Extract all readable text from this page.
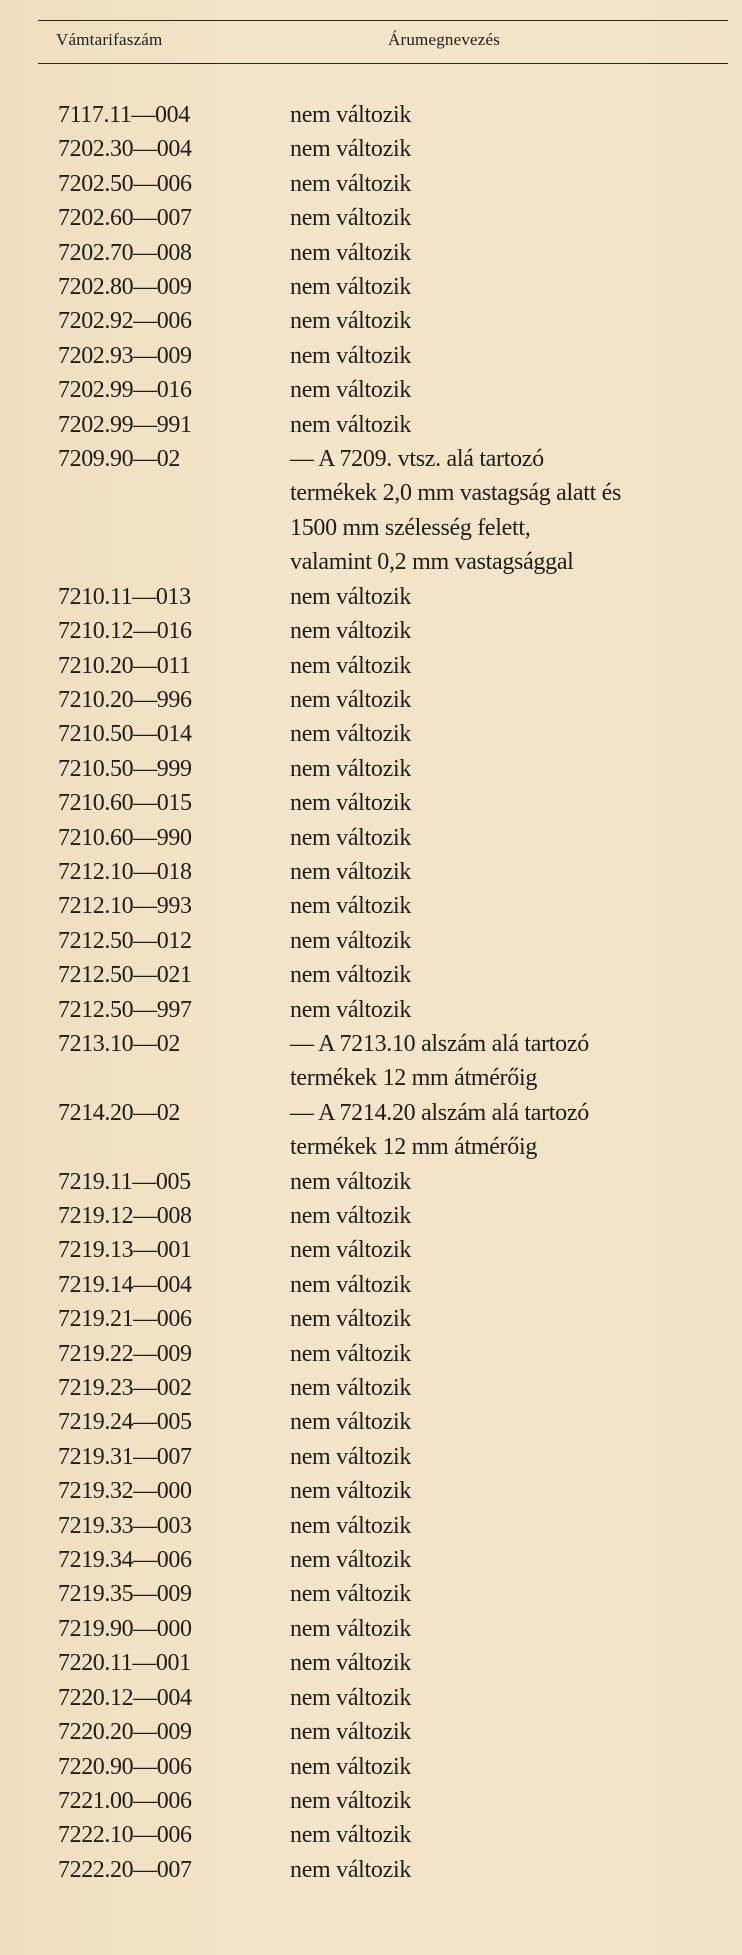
Vámtarifaszám	Árumegnevezés
7117.11—004	nem változik
7202.30—004	nem változik
7202.50—006	nem változik
7202.60—007	nem változik
7202.70—008	nem változik
7202.80—009	nem változik
7202.92—006	nem változik
7202.93—009	nem változik
7202.99—016	nem változik
7202.99—991	nem változik
7209.90—02	— A 7209. vtsz. alá tartozó
termékek 2,0 mm vastagság alatt és
1500 mm szélesség felett,
valamint 0,2 mm vastagsággal
7210.11—013	nem változik
7210.12—016	nem változik
7210.20—011	nem változik
7210.20—996	nem változik
7210.50—014	nem változik
7210.50—999	nem változik
7210.60—015	nem változik
7210.60—990	nem változik
7212.10—018	nem változik
7212.10—993	nem változik
7212.50—012	nem változik
7212.50—021	nem változik
7212.50—997	nem változik
7213.10—02	— A 7213.10 alszám alá tartozó
termékek 12 mm átmérőig
7214.20—02	— A 7214.20 alszám alá tartozó
termékek 12 mm átmérőig
7219.11—005	nem változik
7219.12—008	nem változik
7219.13—001	nem változik
7219.14—004	nem változik
7219.21—006	nem változik
7219.22—009	nem változik
7219.23—002	nem változik
7219.24—005	nem változik
7219.31—007	nem változik
7219.32—000	nem változik
7219.33—003	nem változik
7219.34—006	nem változik
7219.35—009	nem változik
7219.90—000	nem változik
7220.11—001	nem változik
7220.12—004	nem változik
7220.20—009	nem változik
7220.90—006	nem változik
7221.00—006	nem változik
7222.10—006	nem változik
7222.20—007	nem változik
